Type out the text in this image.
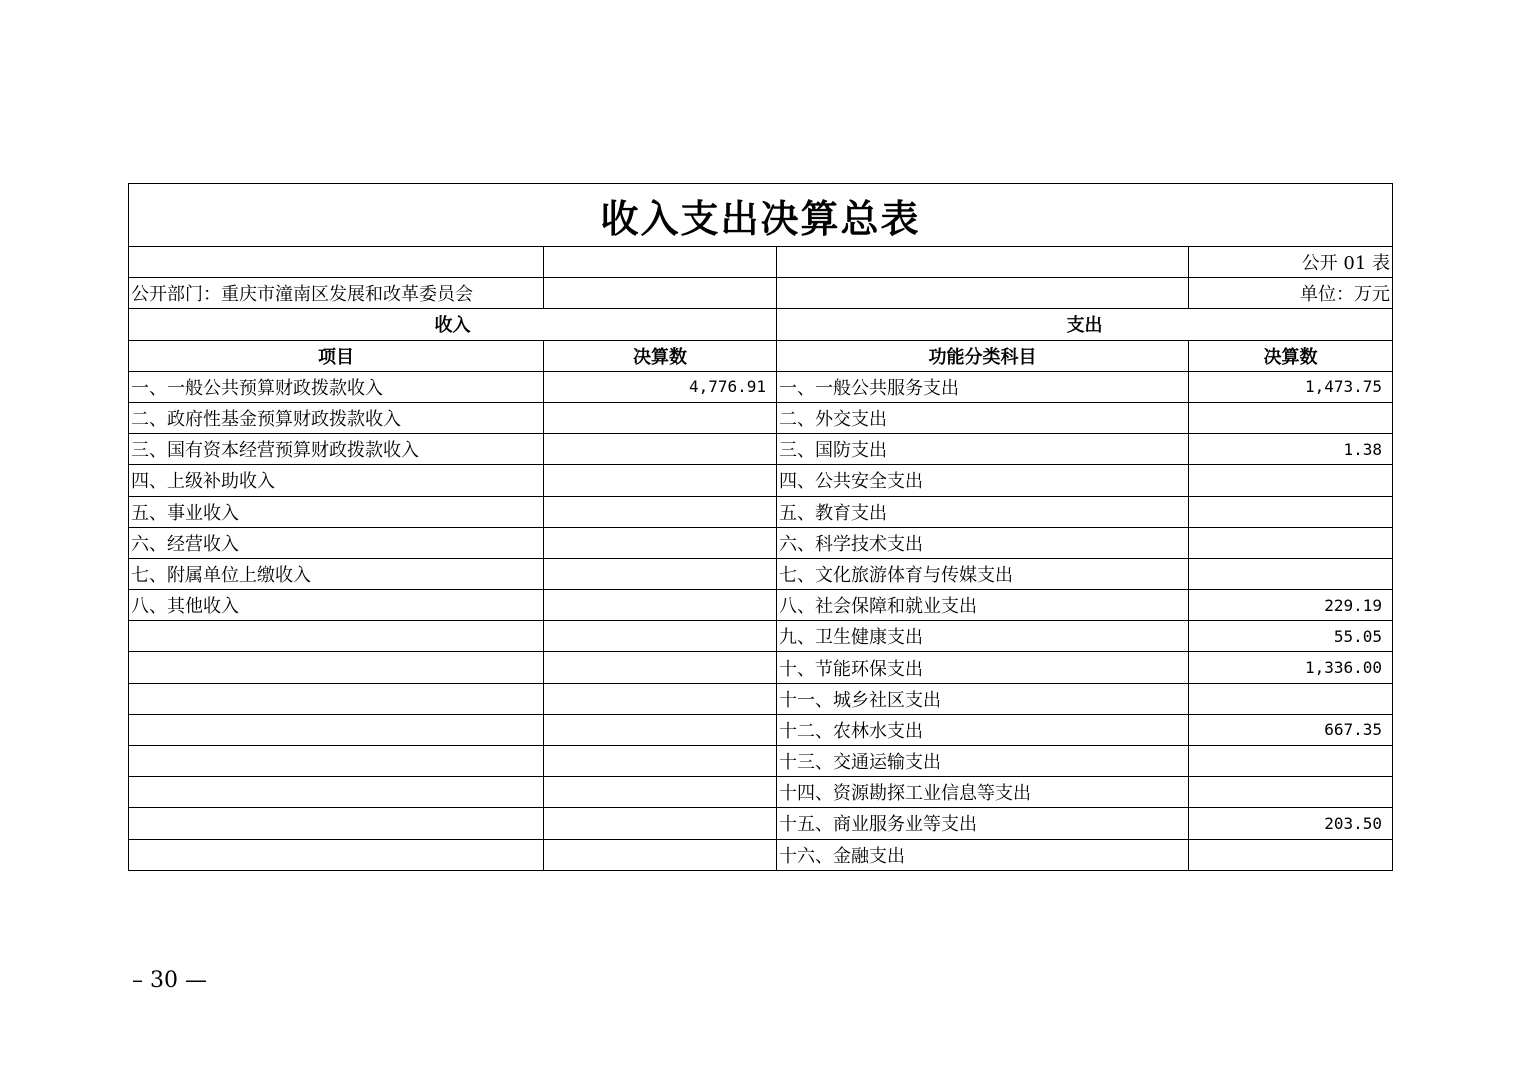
收入支出决算总表			
			公开 01 表
公开部门：重庆市潼南区发展和改革委员会			单位：万元
收入		支出	
项目	决算数	功能分类科目	决算数
一、一般公共预算财政拨款收入	4,776.91	一、一般公共服务支出	1,473.75
二、政府性基金预算财政拨款收入		二、外交支出	
三、国有资本经营预算财政拨款收入		三、国防支出	1.38
四、上级补助收入		四、公共安全支出	
五、事业收入		五、教育支出	
六、经营收入		六、科学技术支出	
七、附属单位上缴收入		七、文化旅游体育与传媒支出	
八、其他收入		八、社会保障和就业支出	229.19
		九、卫生健康支出	55.05
		十、节能环保支出	1,336.00
		十一、城乡社区支出	
		十二、农林水支出	667.35
		十三、交通运输支出	
		十四、资源勘探工业信息等支出	
		十五、商业服务业等支出	203.50
		十六、金融支出	
– 30 —
